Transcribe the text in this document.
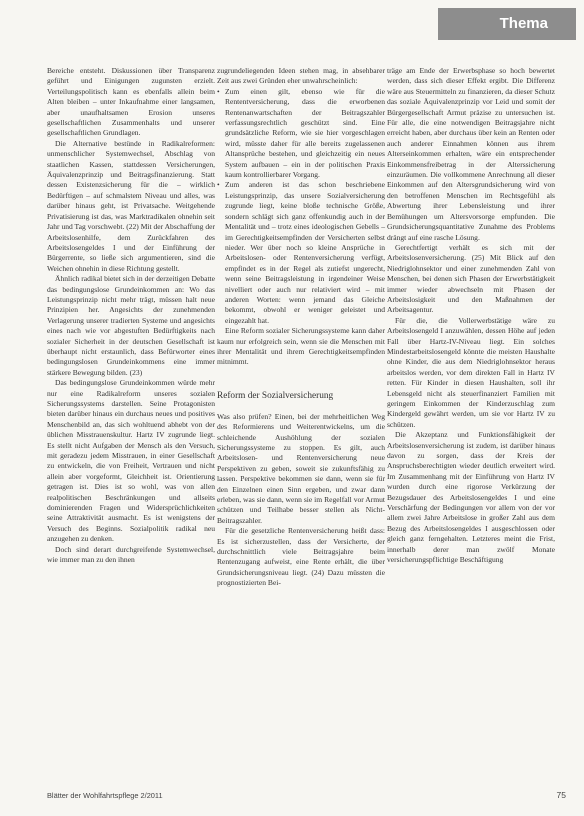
Thema

Bereiche entsteht. Diskussionen über Transparenz geführt und Einigungen zugunsten erzielt. Verteilungspolitisch kann es ebenfalls allein beim Alten bleiben – unter Inkaufnahme einer langsamen, aber unaufhaltsamen Erosion unseres gesellschaftlichen Zusammenhalts und unserer gesellschaftlichen Grundlagen.

Die Alternative bestünde in Radikalreformen: unmenschlicher Systemwechsel, Abschlag von staatlichen Kassen, stattdessen Versicherungen, Äquivalenzprinzip und Beitragsfinanzierung. Statt dessen Existenzsicherung für die – wirklich Bedürftigen – auf schmalstem Niveau und alles, was darüber hinaus geht, ist Privatsache. Weitgehende Privatisierung ist das, was Marktradikalen ohnehin seit Jahr und Tag vorschwebt. (22) Mit der Abschaffung der Arbeitslosenhilfe, dem Zurückfahren des Arbeitslosengeldes I und der Einführung der Bürgerrente, so ließe sich argumentieren, sind die Weichen ohnehin in diese Richtung gestellt.

Ähnlich radikal bietet sich in der derzeitigen Debatte das bedingungslose Grundeinkommen an: Wo das Leistungsprinzip nicht mehr trägt, müssen halt neue Prinzipien her. Angesichts der zunehmenden Verlagerung unserer tradierten Systeme und angesichts eines nach wie vor abgestuften Bedürftigkeits nach sozialer Sicherheit in der deutschen Gesellschaft ist überhaupt nicht erstaunlich, dass Befürworter eines bedingungslosen Grundeinkommens eine immer stärkere Bewegung bilden. (23)

Das bedingungslose Grundeinkommen würde mehr nur eine Radikalreform unseres sozialen Sicherungssystems darstellen. Seine Protagonisten bieten darüber hinaus ein durchaus neues und positives Menschenbild an, das sich wohltuend abhebt von der üblichen Misstrauenskultur. Hartz IV zugrunde liegt. Es stellt nicht Aufgaben der Mensch als den Versuch, mit geradezu jedem Misstrauen, in einer Gesellschaft zu entwickeln, die von Freiheit, Vertrauen und nicht allein aber vorgeformt, Gleichheit ist. Orientierung getragen ist. Dies ist so wohl, was von allen realpolitischen Beschränkungen und allseits dominierenden Fragen und Widersprüchlichkeiten seine Attraktivität ausmacht. Es ist wenigstens der Versuch des Beginns. Sozialpolitik radikal neu anzugehen zu denken.

Doch sind derart durchgreifende Systemwechsel, wie immer man zu den ihnen

zugrundeliegenden Ideen stehen mag, in absehbarer Zeit aus zwei Gründen eher unwahrscheinlich:

• Zum einen gilt, ebenso wie für die Rententversicherung, dass die erworbenen Rentenanwartschaften der Beitragszahler verfassungsrechtlich geschützt sind. Eine grundsätzliche Reform, wie sie hier vorgeschlagen wird, müsste daher für alle bereits zugelassenen Altansprüche bestehen, und gleichzeitig ein neues System aufbauen – ein in der politischen Praxis kaum kontrollierbarer Vorgang.
• Zum anderen ist das schon beschriebene Leistungsprinzip, das unsere Sozialversicherung zugrunde liegt, keine bloße technische Größe, sondern schlägt sich ganz offenkundig auch in der Mentalität und – trotz eines ideologischen Gebells – im Gerechtigkeitsempfinden der Versicherten selbst nieder. Wer über noch so kleine Ansprüche in Arbeitslosen- oder Rentenversicherung verfügt, empfindet es in der Regel als zutiefst ungerecht, wenn seine Beitragsleistung in irgendeiner Weise nivelliert oder auch nur relativiert wird – mit anderen Worten: wenn jemand das Gleiche bekommt, obwohl er weniger geleistet und eingezahlt hat.

Eine Reform sozialer Sicherungssysteme kann daher kaum nur erfolgreich sein, wenn sie die Menschen mit ihrer Mentalität und ihrem Gerechtigkeitsempfinden mitnimmt.

Reform der Sozialversicherung

Was also prüfen? Einen, bei der mehrheitlichen Weg des Reformierens und Weiterentwickelns, um die schleichende Aushöhlung der sozialen Sicherungssysteme zu stoppen. Es gilt, auch Arbeitslosen- und Rentenversicherung neue Perspektiven zu geben, soweit sie zukunftsfähig zu lassen. Perspektive bekommen sie dann, wenn sie für den Einzelnen einen Sinn ergeben, und zwar dann erleben, was sie dann, wenn sie im Regelfall vor Armut schützen und Teilhabe besser stellen als Nicht-Beitragszahler.

Für die gesetzliche Rentenversicherung heißt dass: Es ist sicherzustellen, dass der Versicherte, der durchschnittlich viele Beitragsjahre beim Rentenzugang aufweist, eine Rente erhält, die über Grundsicherungsniveau liegt. (24) Dazu müssten die prognostizierten Bei-

träge am Ende der Erwerbsphase so hoch bewertet werden, dass sich dieser Effekt ergibt. Die Differenz wäre aus Steuermitteln zu finanzieren, da dieser Schutz das soziale Äquivalenzprinzip vor Leid und somit der Bürgergesellschaft Armut präzise zu untersuchen ist. Für alle, die eine notwendigen Beitragsjahre nicht erreicht haben, aber durchaus über kein an Renten oder auch anderer Einnahmen können aus ihrem Alterseinkommen erhalten, wäre ein entsprechender Einkommensfreibetrag in der Alterssicherung einzuräumen. Die vollkommene Anrechnung all dieser Einkommen auf den Altersgrundsicherung wird von den betroffenen Menschen im Rechtsgefühl als Abwertung ihrer Lebensleistung und ihrer Bemühungen um Altersvorsorge empfunden. Die Grundsicherungsquantitative Zunahme des Problems drängt auf eine rasche Lösung.

Gerechtfertigt verhält es sich mit der Arbeitslosenversicherung. (25) Mit Blick auf den Niedriglohnsektor und einer zunehmenden Zahl von Menschen, bei denen sich Phasen der Erwerbstätigkeit immer wieder abwechseln mit Phasen der Arbeitslosigkeit und den Maßnahmen der Arbeitsagentur.

Für die, die Vollerwerbstätige wäre zu Arbeitslosengeld I anzuwählen, dessen Höhe auf jeden Fall über Hartz-IV-Niveau liegt. Ein solches Mindestarbeitslosengeld könnte die meisten Haushalte ohne Kinder, die aus dem Niedriglohnsektor heraus arbeitslos werden, vor dem direkten Fall in Hartz IV retten. Für Kinder in diesen Haushalten, soll ihr Lebensgeld nicht als steuerfinanziert Familien mit geringem Einkommen der Kinderzuschlag zum Kindergeld gewährt werden, um sie vor Hartz IV zu schützen.

Die Akzeptanz und Funktionsfähigkeit der Arbeitslosenversicherung ist zudem, ist darüber hinaus davon zu sorgen, dass der Kreis der Anspruchsberechtigten wieder deutlich erweitert wird. Im Zusammenhang mit der Einführung von Hartz IV wurden durch eine rigorose Verkürzung der Bezugsdauer des Arbeitslosengeldes I und eine Verschärfung der Bedingungen vor allem von der vor allem zwei Jahre Arbeitslose in großer Zahl aus dem Bezug des Arbeitslosengeldes I ausgeschlossen oder gleich ganz ferngehalten. Letzteres meint die Frist, innerhalb derer man zwölf Monate versicherungspflichtige Beschäftigung

Blätter der Wohlfahrtspflege 2/2011	75
